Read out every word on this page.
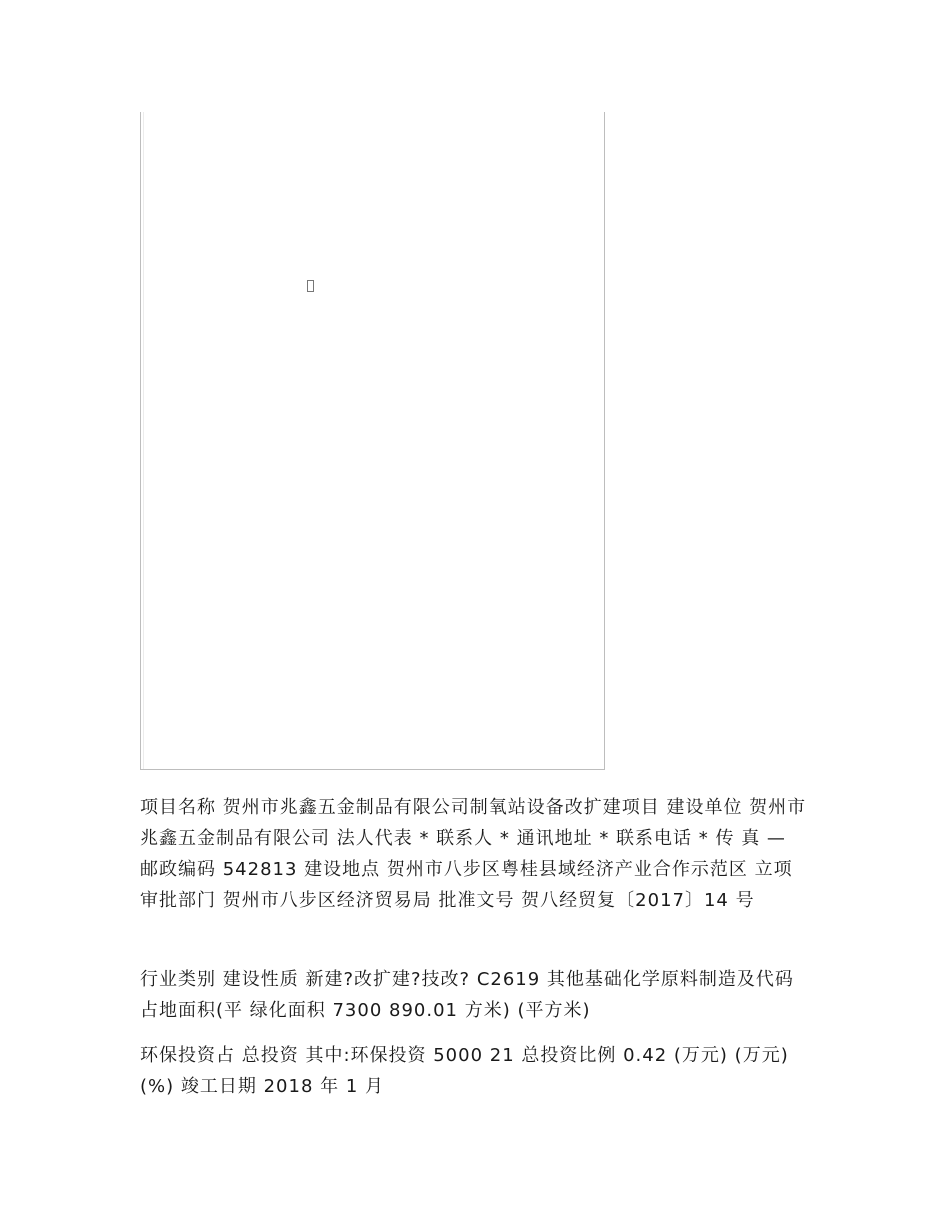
项目名称 贺州市兆鑫五金制品有限公司制氧站设备改扩建项目 建设单位 贺州市兆鑫五金制品有限公司 法人代表 * 联系人 * 通讯地址 * 联系电话 * 传 真 — 邮政编码 542813 建设地点 贺州市八步区粤桂县域经济产业合作示范区 立项审批部门 贺州市八步区经济贸易局 批准文号 贺八经贸复〔2017〕14 号

行业类别 建设性质 新建?改扩建?技改? C2619 其他基础化学原料制造及代码 占地面积(平 绿化面积 7300 890.01 方米) (平方米)

环保投资占 总投资 其中:环保投资 5000 21 总投资比例 0.42 (万元) (万元) (%) 竣工日期 2018 年 1 月
